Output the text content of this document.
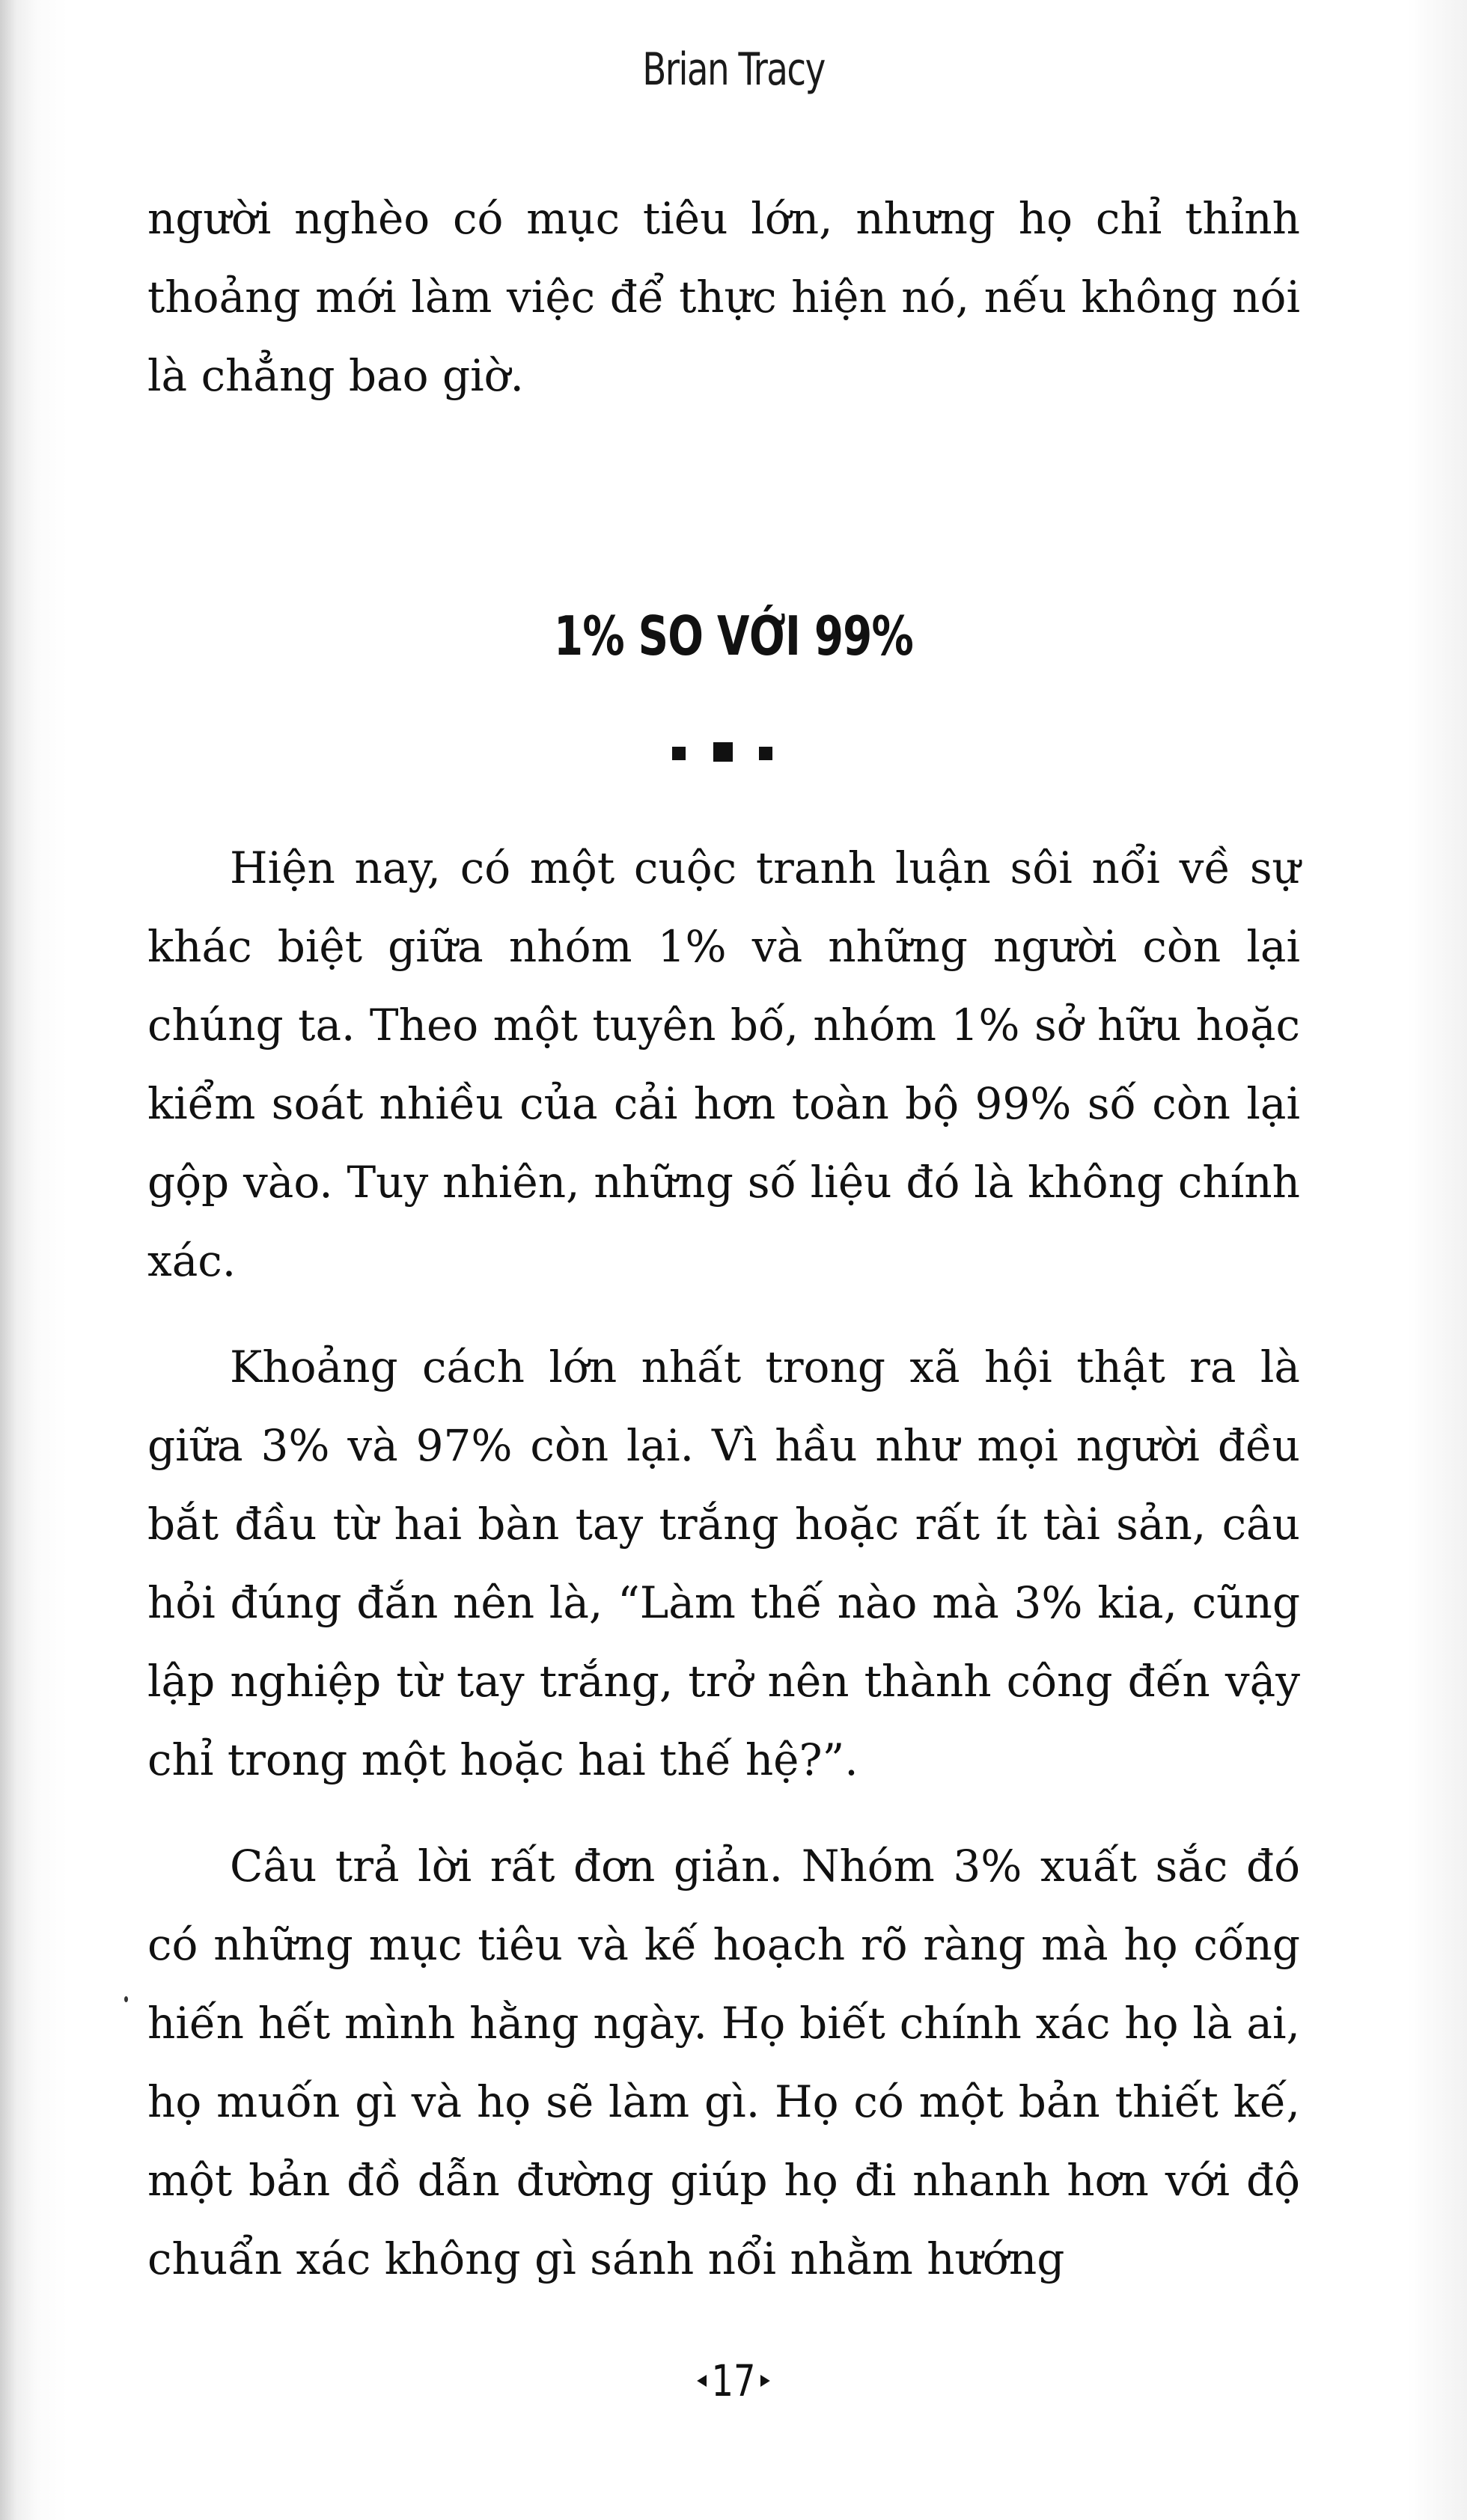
Brian Tracy
người nghèo có mục tiêu lớn, nhưng họ chỉ thỉnh thoảng mới làm việc để thực hiện nó, nếu không nói là chẳng bao giờ.
1% SO VỚI 99%
Hiện nay, có một cuộc tranh luận sôi nổi về sự khác biệt giữa nhóm 1% và những người còn lại chúng ta. Theo một tuyên bố, nhóm 1% sở hữu hoặc kiểm soát nhiều của cải hơn toàn bộ 99% số còn lại gộp vào. Tuy nhiên, những số liệu đó là không chính xác.
Khoảng cách lớn nhất trong xã hội thật ra là giữa 3% và 97% còn lại. Vì hầu như mọi người đều bắt đầu từ hai bàn tay trắng hoặc rất ít tài sản, câu hỏi đúng đắn nên là, “Làm thế nào mà 3% kia, cũng lập nghiệp từ tay trắng, trở nên thành công đến vậy chỉ trong một hoặc hai thế hệ?”.
Câu trả lời rất đơn giản. Nhóm 3% xuất sắc đó có những mục tiêu và kế hoạch rõ ràng mà họ cống hiến hết mình hằng ngày. Họ biết chính xác họ là ai, họ muốn gì và họ sẽ làm gì. Họ có một bản thiết kế, một bản đồ dẫn đường giúp họ đi nhanh hơn với độ chuẩn xác không gì sánh nổi nhằm hướng
17
